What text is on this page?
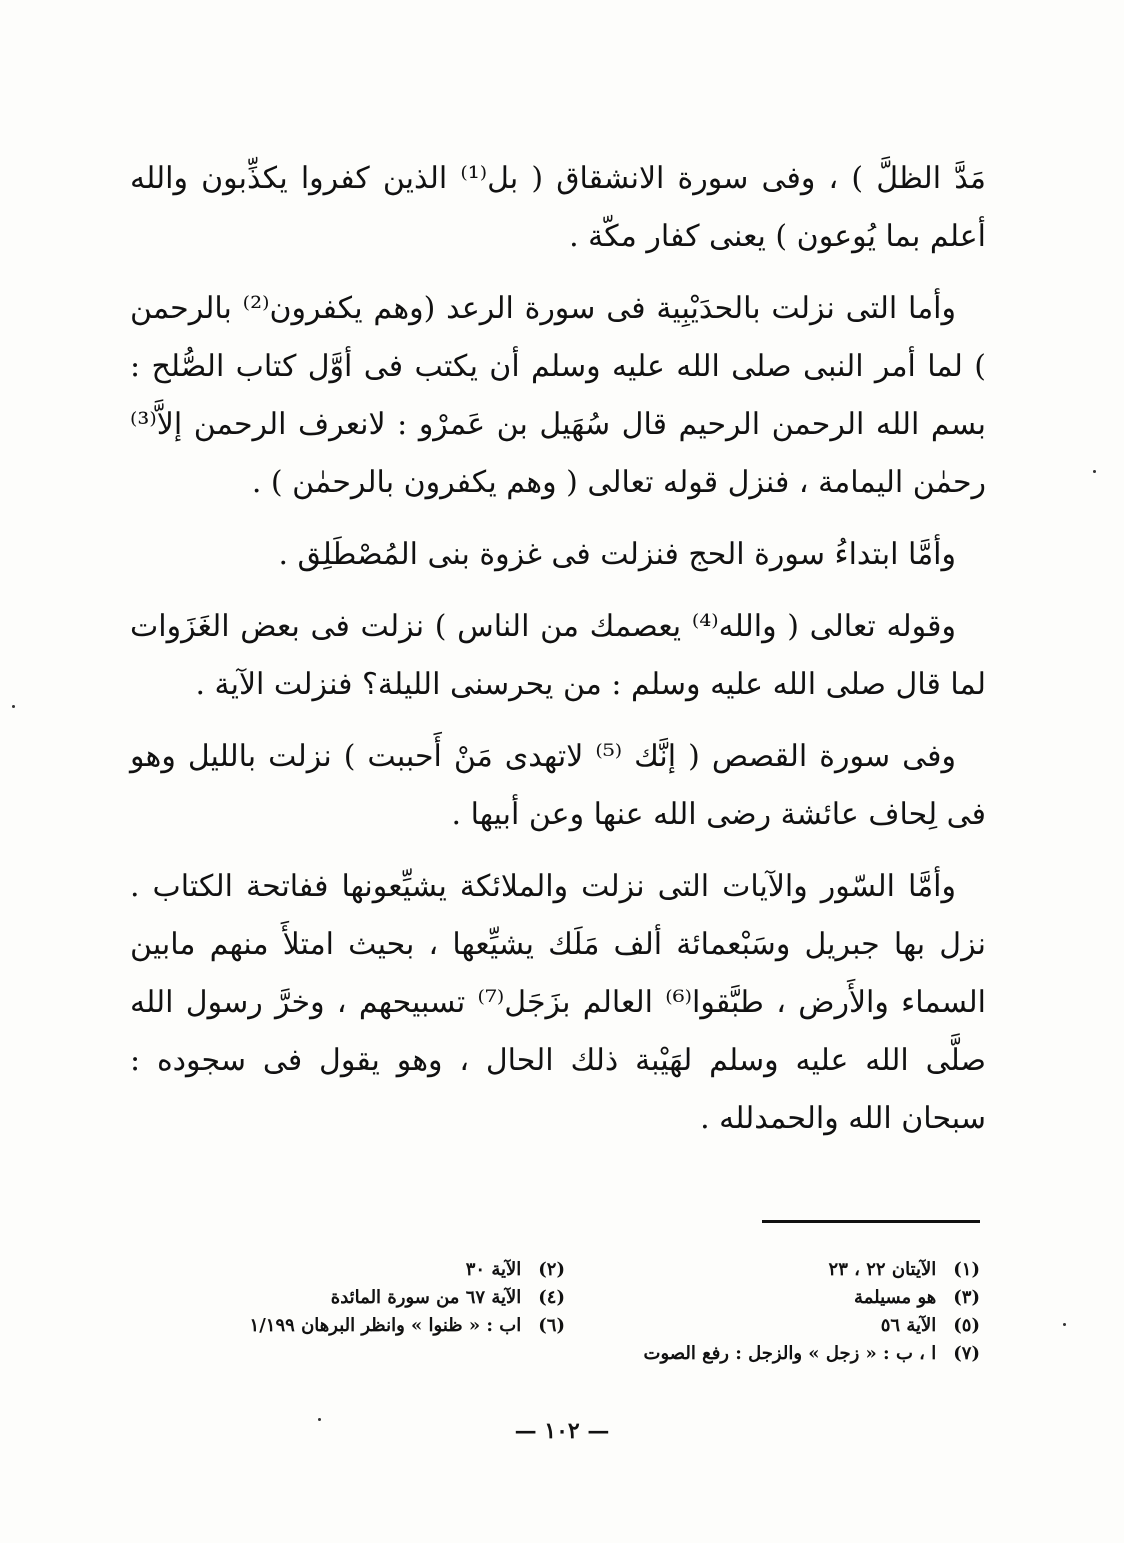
مَدَّ الظلَّ ) ، وفى سورة الانشقاق ( بل⁽¹⁾ الذين كفروا يكذِّبون والله أعلم بما يُوعون ) يعنى كفار مكّة .

وأما التى نزلت بالحدَيْبِية فى سورة الرعد (وهم يكفرون⁽²⁾ بالرحمن ) لما أمر النبى صلى الله عليه وسلم أن يكتب فى أوَّل كتاب الصُّلح : بسم الله الرحمن الرحيم قال سُهَيل بن عَمرْو : لانعرف الرحمن إلاَّ⁽³⁾ رحمٰن اليمامة ، فنزل قوله تعالى ( وهم يكفرون بالرحمٰن ) .

وأمَّا ابتداءُ سورة الحج فنزلت فى غزوة بنى المُصْطَلِق .

وقوله تعالى ( والله⁽⁴⁾ يعصمك من الناس ) نزلت فى بعض الغَزَوات لما قال صلى الله عليه وسلم : من يحرسنى الليلة؟ فنزلت الآية .

وفى سورة القصص ( إنَّك ⁽⁵⁾ لاتهدى مَنْ أَحببت ) نزلت بالليل وهو فى لِحاف عائشة رضى الله عنها وعن أبيها .

وأمَّا السّور والآيات التى نزلت والملائكة يشيِّعونها ففاتحة الكتاب . نزل بها جبريل وسَبْعمائة ألف مَلَك يشيِّعها ، بحيث امتلأَ منهم مابين السماء والأَرض ، طبَّقوا⁽⁶⁾ العالم بزَجَل⁽⁷⁾ تسبيحهم ، وخرَّ رسول الله صلَّى الله عليه وسلم لهَيْبة ذلك الحال ، وهو يقول فى سجوده : سبحان الله والحمدلله .

(١) الآيتان ٢٢ ، ٢٣
(٢) الآية ٣٠
(٣) هو مسيلمة
(٤) الآية ٦٧ من سورة المائدة
(٥) الآية ٥٦
(٦) اب : « ظنوا » وانظر البرهان ١/١٩٩
(٧) ا ، ب : « زجل » والزجل : رفع الصوت
— ١٠٢ —
